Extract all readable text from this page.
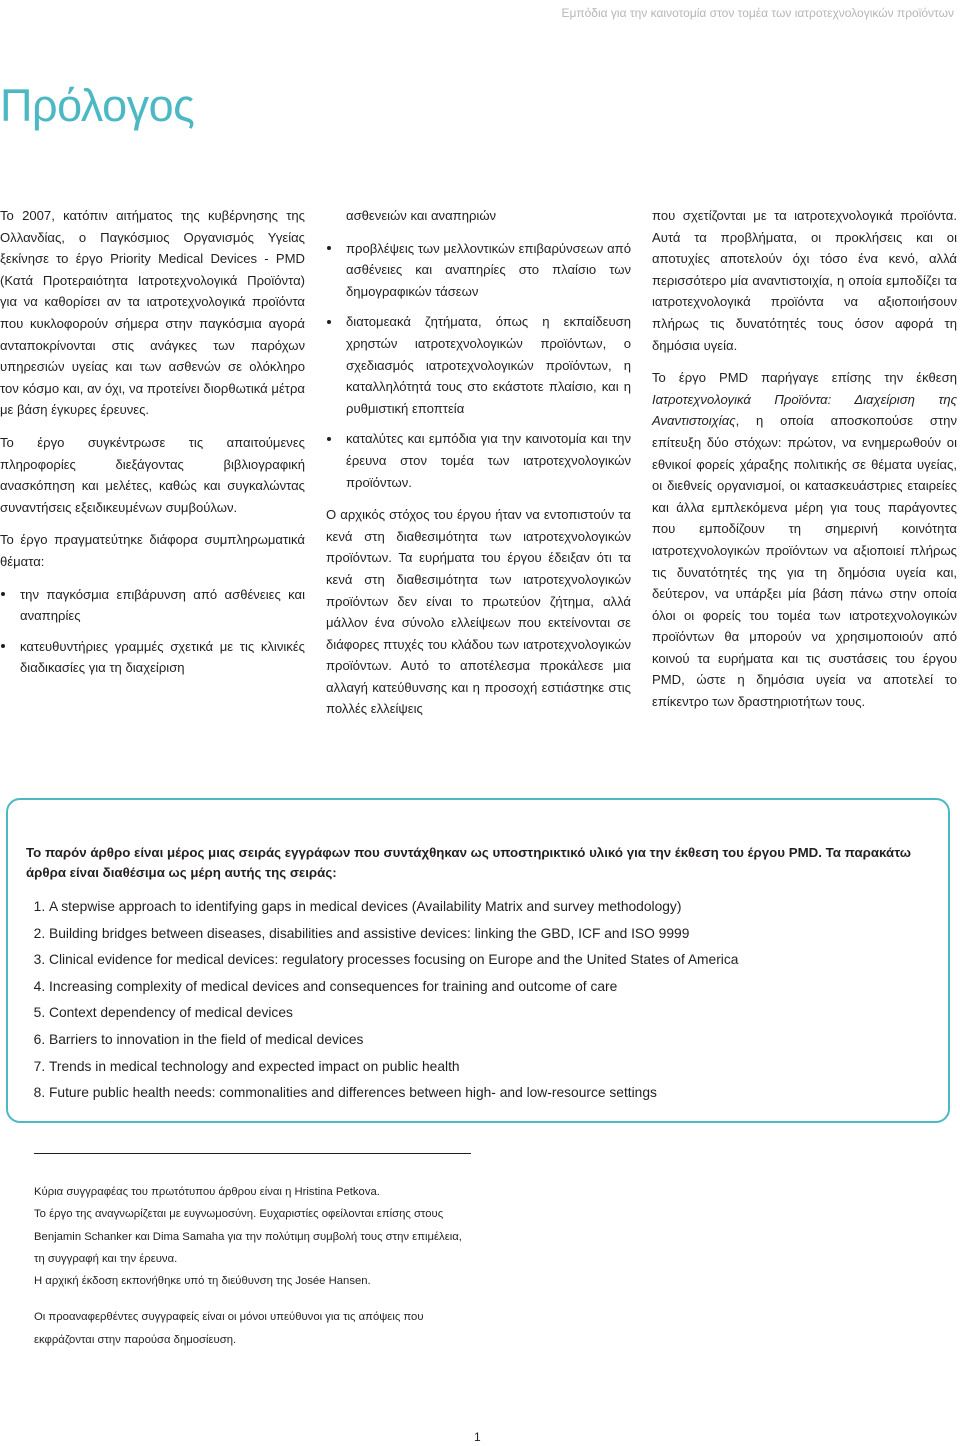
Εμπόδια για την καινοτομία στον τομέα των ιατροτεχνολογικών προϊόντων
Πρόλογος

Το 2007, κατόπιν αιτήματος της κυβέρνησης της Ολλανδίας, ο Παγκόσμιος Οργανισμός Υγείας ξεκίνησε το έργο Priority Medical Devices - PMD (Κατά Προτεραιότητα Ιατροτεχνολογικά Προϊόντα) για να καθορίσει αν τα ιατροτεχνολογικά προϊόντα που κυκλοφορούν σήμερα στην παγκόσμια αγορά ανταποκρίνονται στις ανάγκες των παρόχων υπηρεσιών υγείας και των ασθενών σε ολόκληρο τον κόσμο και, αν όχι, να προτείνει διορθωτικά μέτρα με βάση έγκυρες έρευνες.

Το έργο συγκέντρωσε τις απαιτούμενες πληροφορίες διεξάγοντας βιβλιογραφική ανασκόπηση και μελέτες, καθώς και συγκαλώντας συναντήσεις εξειδικευμένων συμβούλων.

Το έργο πραγματεύτηκε διάφορα συμπληρωματικά θέματα:

την παγκόσμια επιβάρυνση από ασθένειες και αναπηρίες
κατευθυντήριες γραμμές σχετικά με τις κλινικές διαδικασίες για τη διαχείριση

ασθενειών και αναπηριών

προβλέψεις των μελλοντικών επιβαρύνσεων από ασθένειες και αναπηρίες στο πλαίσιο των δημογραφικών τάσεων
διατομεακά ζητήματα, όπως η εκπαίδευση χρηστών ιατροτεχνολογικών προϊόντων, ο σχεδιασμός ιατροτεχνολογικών προϊόντων, η καταλληλότητά τους στο εκάστοτε πλαίσιο, και η ρυθμιστική εποπτεία
καταλύτες και εμπόδια για την καινοτομία και την έρευνα στον τομέα των ιατροτεχνολογικών προϊόντων.

Ο αρχικός στόχος του έργου ήταν να εντοπιστούν τα κενά στη διαθεσιμότητα των ιατροτεχνολογικών προϊόντων. Τα ευρήματα του έργου έδειξαν ότι τα κενά στη διαθεσιμότητα των ιατροτεχνολογικών προϊόντων δεν είναι το πρωτεύον ζήτημα, αλλά μάλλον ένα σύνολο ελλείψεων που εκτείνονται σε διάφορες πτυχές του κλάδου των ιατροτεχνολογικών προϊόντων. Αυτό το αποτέλεσμα προκάλεσε μια αλλαγή κατεύθυνσης και η προσοχή εστιάστηκε στις πολλές ελλείψεις

που σχετίζονται με τα ιατροτεχνολογικά προϊόντα. Αυτά τα προβλήματα, οι προκλήσεις και οι αποτυχίες αποτελούν όχι τόσο ένα κενό, αλλά περισσότερο μία αναντιστοιχία, η οποία εμποδίζει τα ιατροτεχνολογικά προϊόντα να αξιοποιήσουν πλήρως τις δυνατότητές τους όσον αφορά τη δημόσια υγεία.

Το έργο PMD παρήγαγε επίσης την έκθεση Ιατροτεχνολογικά Προϊόντα: Διαχείριση της Αναντιστοιχίας, η οποία αποσκοπούσε στην επίτευξη δύο στόχων: πρώτον, να ενημερωθούν οι εθνικοί φορείς χάραξης πολιτικής σε θέματα υγείας, οι διεθνείς οργανισμοί, οι κατασκευάστριες εταιρείες και άλλα εμπλεκόμενα μέρη για τους παράγοντες που εμποδίζουν τη σημερινή κοινότητα ιατροτεχνολογικών προϊόντων να αξιοποιεί πλήρως τις δυνατότητές της για τη δημόσια υγεία και, δεύτερον, να υπάρξει μία βάση πάνω στην οποία όλοι οι φορείς του τομέα των ιατροτεχνολογικών προϊόντων θα μπορούν να χρησιμοποιούν από κοινού τα ευρήματα και τις συστάσεις του έργου PMD, ώστε η δημόσια υγεία να αποτελεί το επίκεντρο των δραστηριοτήτων τους.

Το παρόν άρθρο είναι μέρος μιας σειράς εγγράφων που συντάχθηκαν ως υποστηρικτικό υλικό για την έκθεση του έργου PMD. Τα παρακάτω άρθρα είναι διαθέσιμα ως μέρη αυτής της σειράς:

1. A stepwise approach to identifying gaps in medical devices (Availability Matrix and survey methodology)
2. Building bridges between diseases, disabilities and assistive devices: linking the GBD, ICF and ISO 9999
3. Clinical evidence for medical devices: regulatory processes focusing on Europe and the United States of America
4. Increasing complexity of medical devices and consequences for training and outcome of care
5. Context dependency of medical devices
6. Barriers to innovation in the field of medical devices
7. Trends in medical technology and expected impact on public health
8. Future public health needs: commonalities and differences between high- and low-resource settings

Κύρια συγγραφέας του πρωτότυπου άρθρου είναι η Hristina Petkova.

Το έργο της αναγνωρίζεται με ευγνωμοσύνη. Ευχαριστίες οφείλονται επίσης στους Benjamin Schanker και Dima Samaha για την πολύτιμη συμβολή τους στην επιμέλεια, τη συγγραφή και την έρευνα.

Η αρχική έκδοση εκπονήθηκε υπό τη διεύθυνση της Josée Hansen.

Οι προαναφερθέντες συγγραφείς είναι οι μόνοι υπεύθυνοι για τις απόψεις που εκφράζονται στην παρούσα δημοσίευση.

1
